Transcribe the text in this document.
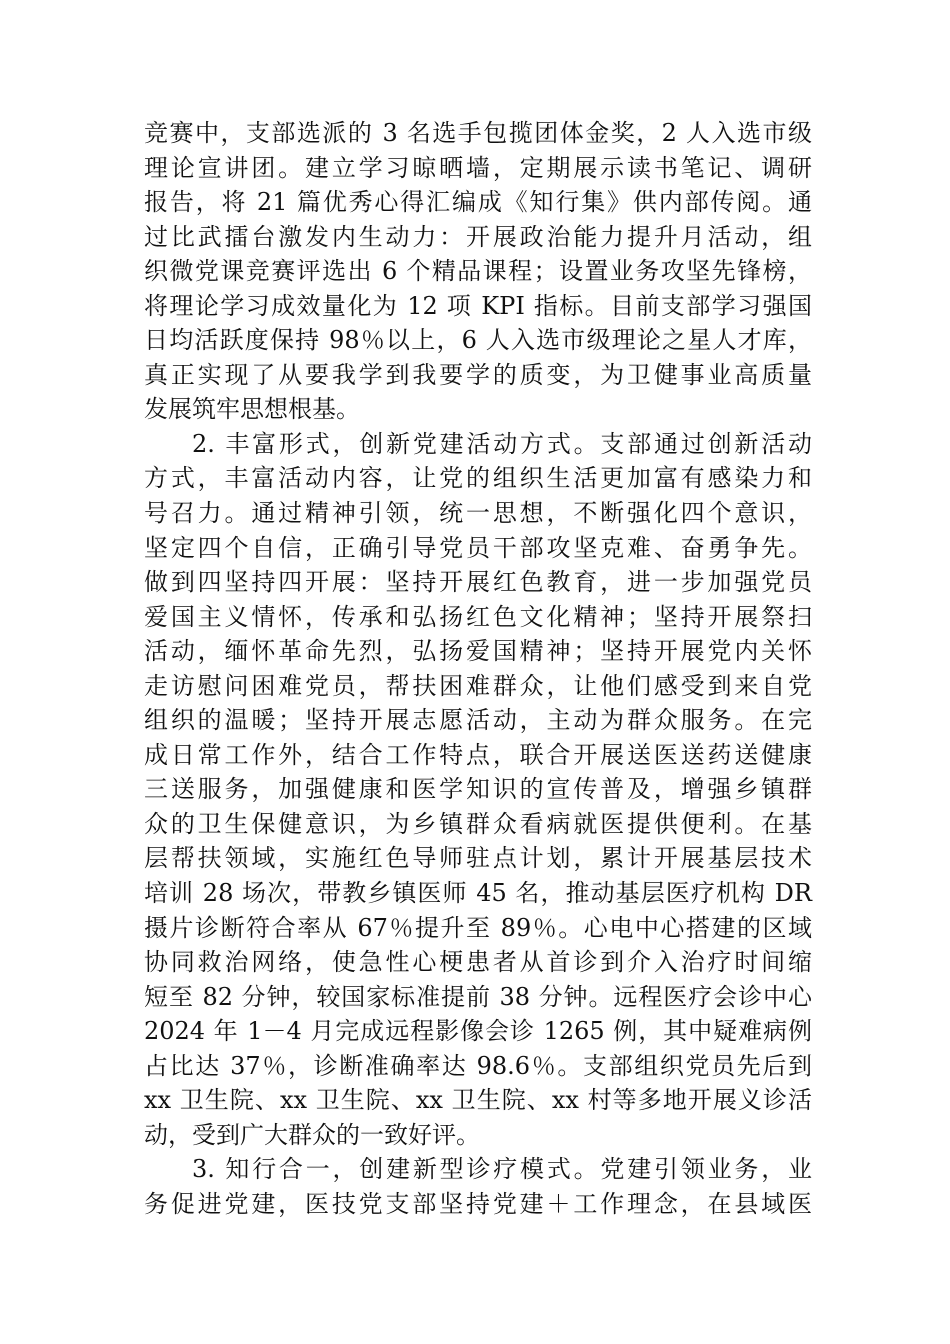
竞赛中，支部选派的 3 名选手包揽团体金奖，2 人入选市级
理论宣讲团。建立学习晾晒墙，定期展示读书笔记、调研
报告，将 21 篇优秀心得汇编成《知行集》供内部传阅。通
过比武擂台激发内生动力：开展政治能力提升月活动，组
织微党课竞赛评选出 6 个精品课程；设置业务攻坚先锋榜，
将理论学习成效量化为 12 项 KPI 指标。目前支部学习强国
日均活跃度保持 98％以上，6 人入选市级理论之星人才库，
真正实现了从要我学到我要学的质变，为卫健事业高质量
发展筑牢思想根基。
2. 丰富形式，创新党建活动方式。支部通过创新活动
方式，丰富活动内容，让党的组织生活更加富有感染力和
号召力。通过精神引领，统一思想，不断强化四个意识，
坚定四个自信，正确引导党员干部攻坚克难、奋勇争先。
做到四坚持四开展：坚持开展红色教育，进一步加强党员
爱国主义情怀，传承和弘扬红色文化精神；坚持开展祭扫
活动，缅怀革命先烈，弘扬爱国精神；坚持开展党内关怀
走访慰问困难党员，帮扶困难群众，让他们感受到来自党
组织的温暖；坚持开展志愿活动，主动为群众服务。在完
成日常工作外，结合工作特点，联合开展送医送药送健康
三送服务，加强健康和医学知识的宣传普及，增强乡镇群
众的卫生保健意识，为乡镇群众看病就医提供便利。在基
层帮扶领域，实施红色导师驻点计划，累计开展基层技术
培训 28 场次，带教乡镇医师 45 名，推动基层医疗机构 DR
摄片诊断符合率从 67％提升至 89％。心电中心搭建的区域
协同救治网络，使急性心梗患者从首诊到介入治疗时间缩
短至 82 分钟，较国家标准提前 38 分钟。远程医疗会诊中心
2024 年 1－4 月完成远程影像会诊 1265 例，其中疑难病例
占比达 37％，诊断准确率达 98.6％。支部组织党员先后到
xx 卫生院、xx 卫生院、xx 卫生院、xx 村等多地开展义诊活
动，受到广大群众的一致好评。
3. 知行合一，创建新型诊疗模式。党建引领业务，业
务促进党建，医技党支部坚持党建＋工作理念，在县域医
